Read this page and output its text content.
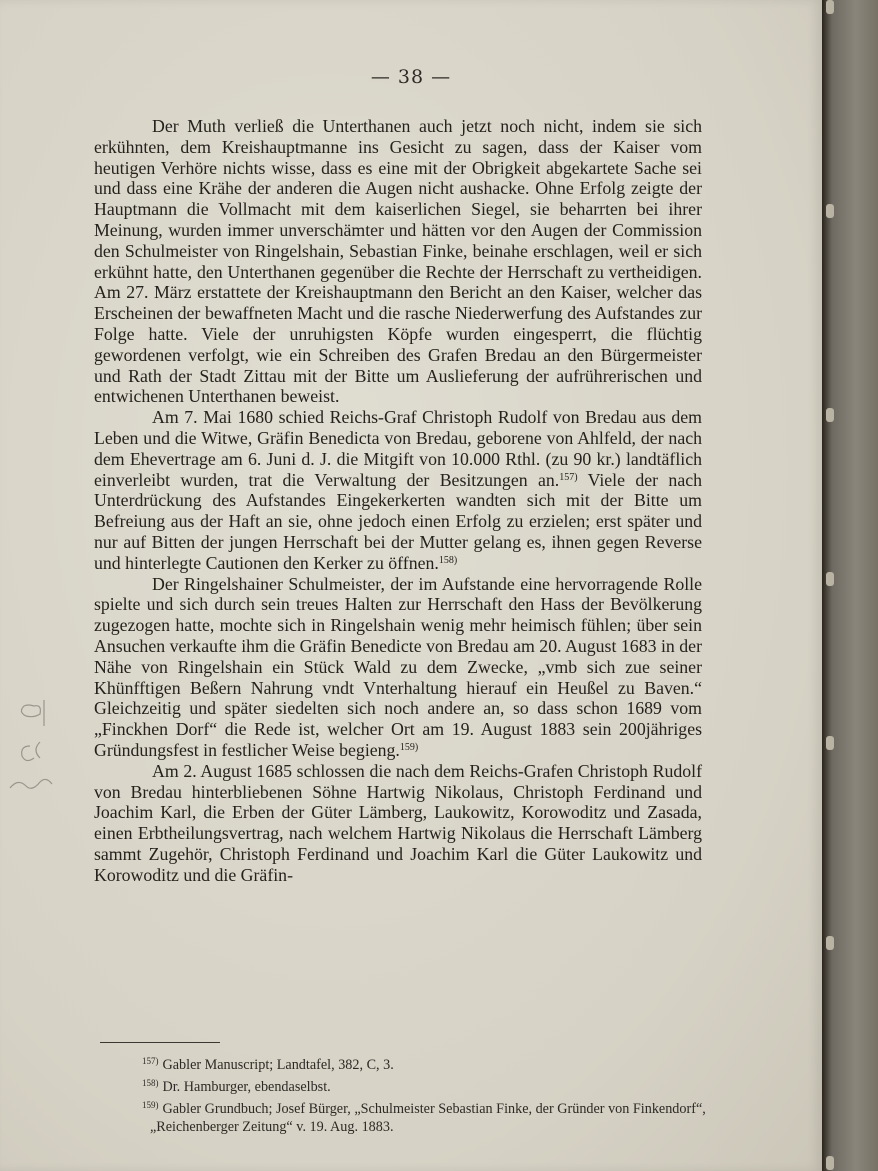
— 38 —

Der Muth verließ die Unterthanen auch jetzt noch nicht, indem sie sich erkühnten, dem Kreishauptmanne ins Gesicht zu sagen, dass der Kaiser vom heutigen Verhöre nichts wisse, dass es eine mit der Obrigkeit abgekartete Sache sei und dass eine Krähe der anderen die Augen nicht aushacke. Ohne Erfolg zeigte der Hauptmann die Vollmacht mit dem kaiserlichen Siegel, sie beharrten bei ihrer Meinung, wurden immer unverschämter und hätten vor den Augen der Commission den Schulmeister von Ringelshain, Sebastian Finke, beinahe erschlagen, weil er sich erkühnt hatte, den Unterthanen gegenüber die Rechte der Herrschaft zu vertheidigen. Am 27. März erstattete der Kreishauptmann den Bericht an den Kaiser, welcher das Erscheinen der bewaffneten Macht und die rasche Niederwerfung des Aufstandes zur Folge hatte. Viele der unruhigsten Köpfe wurden eingesperrt, die flüchtig gewordenen verfolgt, wie ein Schreiben des Grafen Bredau an den Bürgermeister und Rath der Stadt Zittau mit der Bitte um Auslieferung der aufrührerischen und entwichenen Unterthanen beweist.

Am 7. Mai 1680 schied Reichs-Graf Christoph Rudolf von Bredau aus dem Leben und die Witwe, Gräfin Benedicta von Bredau, geborene von Ahlfeld, der nach dem Ehevertrage am 6. Juni d. J. die Mitgift von 10.000 Rthl. (zu 90 kr.) landtäflich einverleibt wurden, trat die Verwaltung der Besitzungen an.$^{157)}$ Viele der nach Unterdrückung des Aufstandes Eingekerkerten wandten sich mit der Bitte um Befreiung aus der Haft an sie, ohne jedoch einen Erfolg zu erzielen; erst später und nur auf Bitten der jungen Herrschaft bei der Mutter gelang es, ihnen gegen Reverse und hinterlegte Cautionen den Kerker zu öffnen.$^{158)}$

Der Ringelshainer Schulmeister, der im Aufstande eine hervorragende Rolle spielte und sich durch sein treues Halten zur Herrschaft den Hass der Bevölkerung zugezogen hatte, mochte sich in Ringelshain wenig mehr heimisch fühlen; über sein Ansuchen verkaufte ihm die Gräfin Benedicte von Bredau am 20. August 1683 in der Nähe von Ringelshain ein Stück Wald zu dem Zwecke, „vmb sich zue seiner Khünfftigen Beßern Nahrung vndt Vnterhaltung hierauf ein Heußel zu Baven.“ Gleichzeitig und später siedelten sich noch andere an, so dass schon 1689 vom „Finckhen Dorf“ die Rede ist, welcher Ort am 19. August 1883 sein 200jähriges Gründungsfest in festlicher Weise begieng.$^{159)}$

Am 2. August 1685 schlossen die nach dem Reichs-Grafen Christoph Rudolf von Bredau hinterbliebenen Söhne Hartwig Nikolaus, Christoph Ferdinand und Joachim Karl, die Erben der Güter Lämberg, Laukowitz, Korowoditz und Zasada, einen Erbtheilungsvertrag, nach welchem Hartwig Nikolaus die Herrschaft Lämberg sammt Zugehör, Christoph Ferdinand und Joachim Karl die Güter Laukowitz und Korowoditz und die Gräfin-

$^{157)}$ Gabler Manuscript; Landtafel, 382, C, 3.

$^{158)}$ Dr. Hamburger, ebendaselbst.

$^{159)}$ Gabler Grundbuch; Josef Bürger, „Schulmeister Sebastian Finke, der Gründer von Finkendorf“, „Reichenberger Zeitung“ v. 19. Aug. 1883.
